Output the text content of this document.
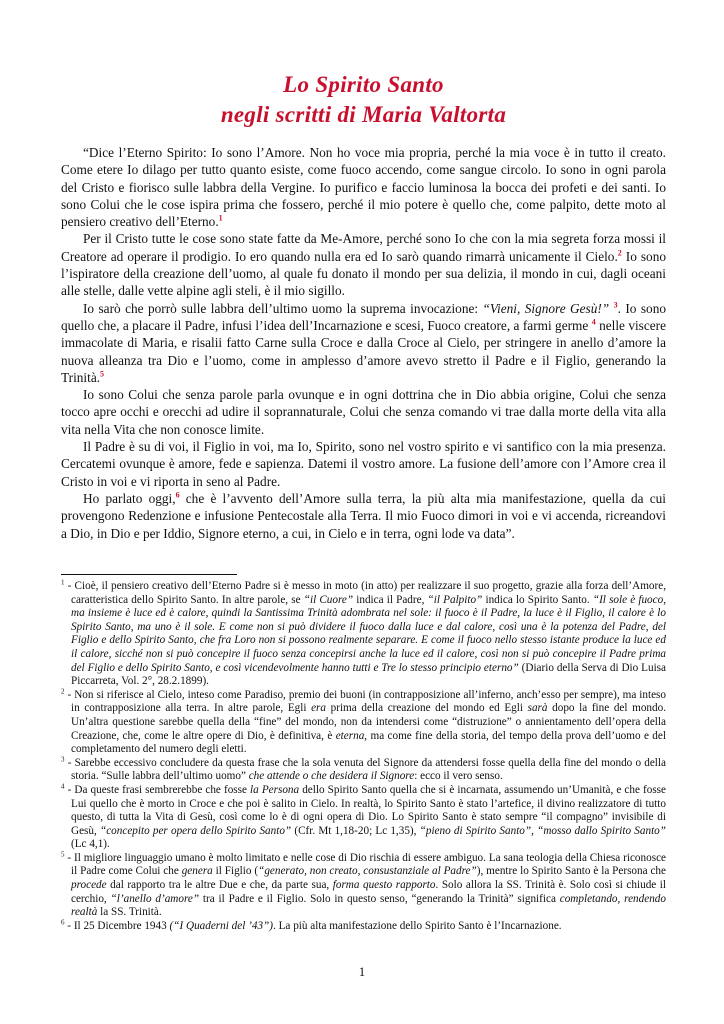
Lo Spirito Santo
negli scritti di Maria Valtorta

“Dice l’Eterno Spirito: Io sono l’Amore. Non ho voce mia propria, perché la mia voce è in tutto il creato. Come etere Io dilago per tutto quanto esiste, come fuoco accendo, come sangue circolo. Io sono in ogni parola del Cristo e fiorisco sulle labbra della Vergine. Io purifico e faccio luminosa la bocca dei profeti e dei santi. Io sono Colui che le cose ispira prima che fossero, perché il mio potere è quello che, come palpito, dette moto al pensiero creativo dell’Eterno.$^1$

Per il Cristo tutte le cose sono state fatte da Me-Amore, perché sono Io che con la mia segreta forza mossi il Creatore ad operare il prodigio. Io ero quando nulla era ed Io sarò quando rimarrà unicamente il Cielo.$^2$ Io sono l’ispiratore della creazione dell’uomo, al quale fu donato il mondo per sua delizia, il mondo in cui, dagli oceani alle stelle, dalle vette alpine agli steli, è il mio sigillo.

Io sarò che porrò sulle labbra dell’ultimo uomo la suprema invocazione: “Vieni, Signore Gesù!” $^3$. Io sono quello che, a placare il Padre, infusi l’idea dell’Incarnazione e scesi, Fuoco creatore, a farmi germe $^4$ nelle viscere immacolate di Maria, e risalii fatto Carne sulla Croce e dalla Croce al Cielo, per stringere in anello d’amore la nuova alleanza tra Dio e l’uomo, come in amplesso d’amore avevo stretto il Padre e il Figlio, generando la Trinità.$^5$

Io sono Colui che senza parole parla ovunque e in ogni dottrina che in Dio abbia origine, Colui che senza tocco apre occhi e orecchi ad udire il soprannaturale, Colui che senza comando vi trae dalla morte della vita alla vita nella Vita che non conosce limite.

Il Padre è su di voi, il Figlio in voi, ma Io, Spirito, sono nel vostro spirito e vi santifico con la mia presenza. Cercatemi ovunque è amore, fede e sapienza. Datemi il vostro amore. La fusione dell’amore con l’Amore crea il Cristo in voi e vi riporta in seno al Padre.

Ho parlato oggi,$^6$ che è l’avvento dell’Amore sulla terra, la più alta mia manifestazione, quella da cui provengono Redenzione e infusione Pentecostale alla Terra. Il mio Fuoco dimori in voi e vi accenda, ricreandovi a Dio, in Dio e per Iddio, Signore eterno, a cui, in Cielo e in terra, ogni lode va data”.

$^1$ - Cioè, il pensiero creativo dell’Eterno Padre si è messo in moto (in atto) per realizzare il suo progetto, grazie alla forza dell’Amore, caratteristica dello Spirito Santo. In altre parole, se “il Cuore” indica il Padre, “il Palpito” indica lo Spirito Santo. “Il sole è fuoco, ma insieme è luce ed è calore, quindi la Santissima Trinità adombrata nel sole: il fuoco è il Padre, la luce è il Figlio, il calore è lo Spirito Santo, ma uno è il sole. E come non si può dividere il fuoco dalla luce e dal calore, così una è la potenza del Padre, del Figlio e dello Spirito Santo, che fra Loro non si possono realmente separare. E come il fuoco nello stesso istante produce la luce ed il calore, sicché non si può concepire il fuoco senza concepirsi anche la luce ed il calore, così non si può concepire il Padre prima del Figlio e dello Spirito Santo, e così vicendevolmente hanno tutti e Tre lo stesso principio eterno” (Diario della Serva di Dio Luisa Piccarreta, Vol. 2°, 28.2.1899).

$^2$ - Non si riferisce al Cielo, inteso come Paradiso, premio dei buoni (in contrapposizione all’inferno, anch’esso per sempre), ma inteso in contrapposizione alla terra. In altre parole, Egli era prima della creazione del mondo ed Egli sarà dopo la fine del mondo. Un’altra questione sarebbe quella della “fine” del mondo, non da intendersi come “distruzione” o annientamento dell’opera della Creazione, che, come le altre opere di Dio, è definitiva, è eterna, ma come fine della storia, del tempo della prova dell’uomo e del completamento del numero degli eletti.

$^3$ - Sarebbe eccessivo concludere da questa frase che la sola venuta del Signore da attendersi fosse quella della fine del mondo o della storia. “Sulle labbra dell’ultimo uomo” che attende o che desidera il Signore: ecco il vero senso.

$^4$ - Da queste frasi sembrerebbe che fosse la Persona dello Spirito Santo quella che si è incarnata, assumendo un’Umanità, e che fosse Lui quello che è morto in Croce e che poi è salito in Cielo. In realtà, lo Spirito Santo è stato l’artefice, il divino realizzatore di tutto questo, di tutta la Vita di Gesù, così come lo è di ogni opera di Dio. Lo Spirito Santo è stato sempre “il compagno” invisibile di Gesù, “concepito per opera dello Spirito Santo” (Cfr. Mt 1,18-20; Lc 1,35), “pieno di Spirito Santo”, “mosso dallo Spirito Santo” (Lc 4,1).

$^5$ - Il migliore linguaggio umano è molto limitato e nelle cose di Dio rischia di essere ambiguo. La sana teologia della Chiesa riconosce il Padre come Colui che genera il Figlio (“generato, non creato, consustanziale al Padre”), mentre lo Spirito Santo è la Persona che procede dal rapporto tra le altre Due e che, da parte sua, forma questo rapporto. Solo allora la SS. Trinità è. Solo così si chiude il cerchio, “l’anello d’amore” tra il Padre e il Figlio. Solo in questo senso, “generando la Trinità” significa completando, rendendo realtà la SS. Trinità.

$^6$ - Il 25 Dicembre 1943 (“I Quaderni del ’43”). La più alta manifestazione dello Spirito Santo è l’Incarnazione.

1
